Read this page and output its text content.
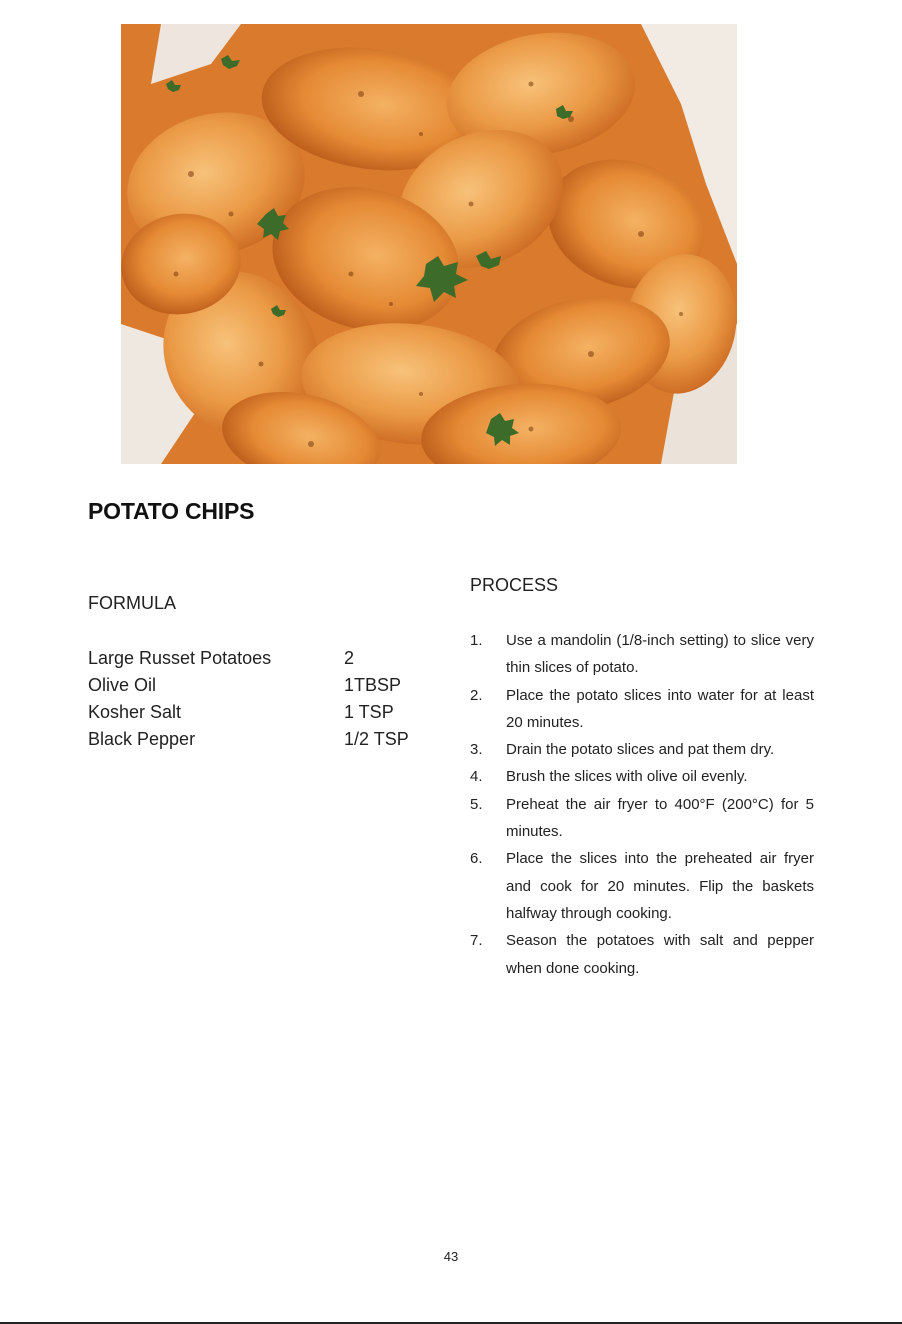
POTATO CHIPS
FORMULA
Large Russet Potatoes	2
Olive Oil	1TBSP
Kosher Salt	1 TSP
Black Pepper	1/2 TSP
PROCESS
1.	Use a mandolin (1/8-inch setting) to slice very thin slices of potato.
2.	Place the potato slices into water for at least 20 minutes.
3.	Drain the potato slices and pat them dry.
4.	Brush the slices with olive oil evenly.
5.	Preheat the air fryer to 400°F (200°C) for 5 minutes.
6.	Place the slices into the preheated air fryer and cook for 20 minutes. Flip the baskets halfway through cooking.
7.	Season the potatoes with salt and pepper when done cooking.
43
